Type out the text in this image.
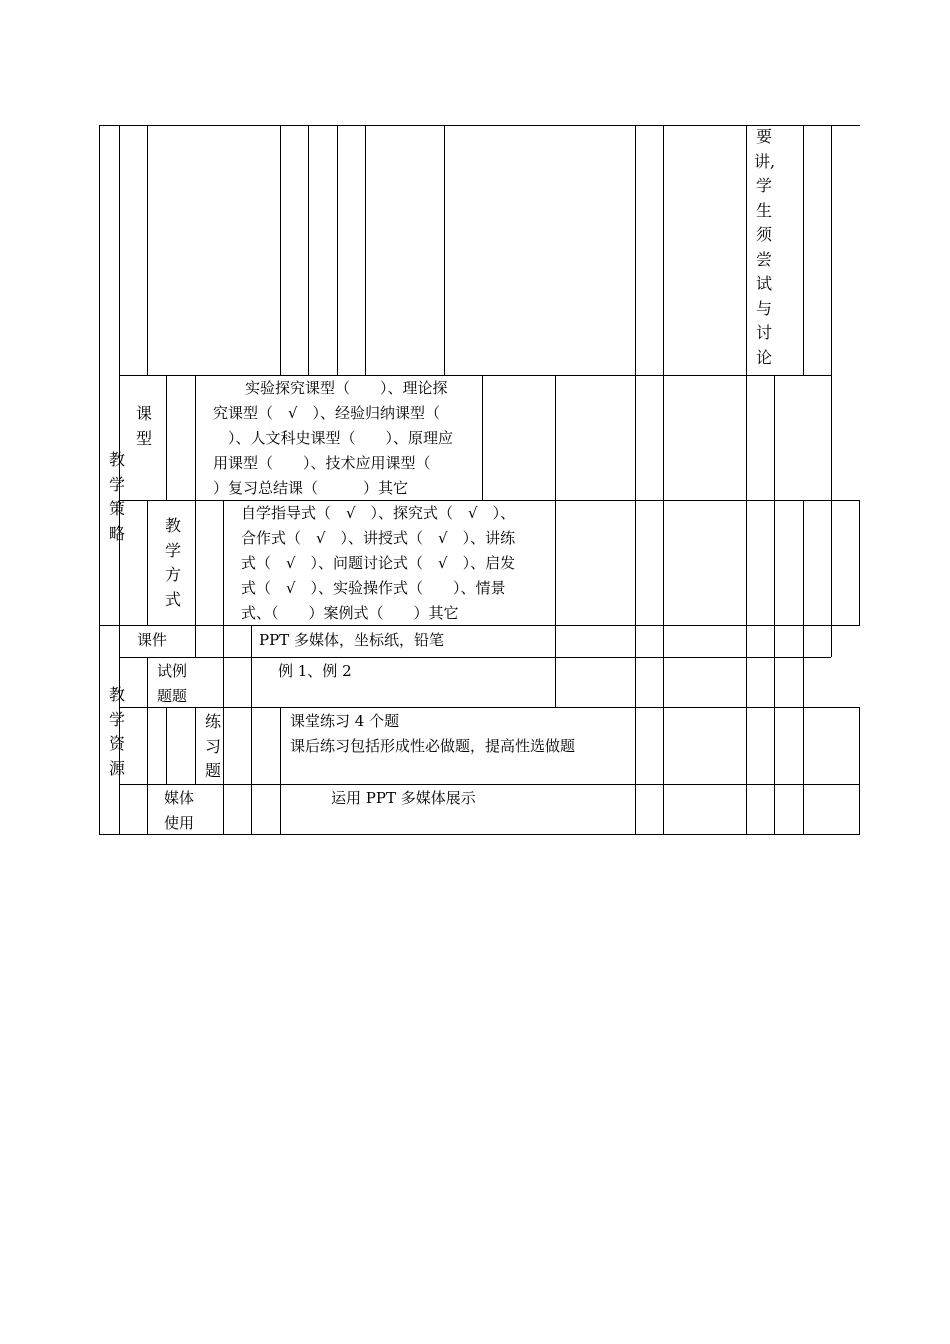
要
讲,
学
生
须
尝
试
与
讨
论
教
学
策
略
课
型
实验探究课型（　　）、理论探
究课型（　√　）、经验归纳课型（
　）、人文科史课型（　　）、原理应
用课型（　　）、技术应用课型（
）复习总结课（　　　）其它
教
学
方
式
自学指导式（　√　）、探究式（　√　）、
合作式（　√　）、讲授式（　√　）、讲练
式（　√　）、问题讨论式（　√　）、启发
式（　√　）、实验操作式（　　）、情景
式、（　　）案例式（　　）其它
教
学
资
源
课件	PPT 多媒体，坐标纸，铅笔
试例
题题
例 1、例 2
练
习
题
课堂练习 4 个题
课后练习包括形成性必做题，提高性选做题
媒体
使用
运用 PPT 多媒体展示
